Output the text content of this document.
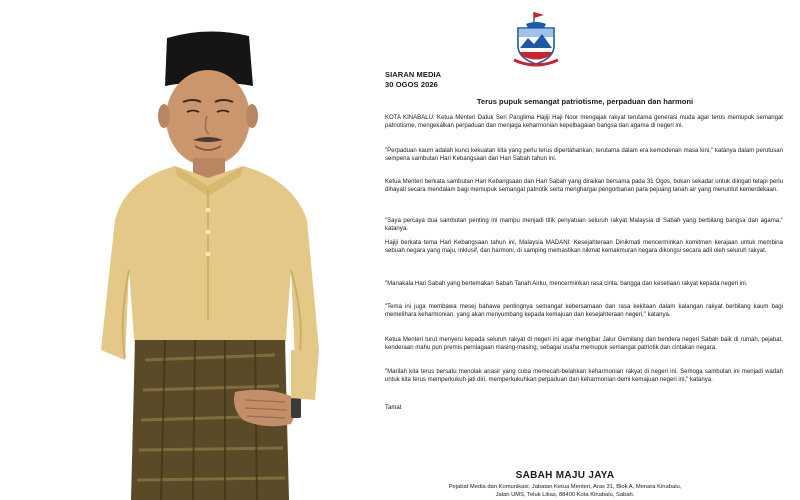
SIARAN MEDIA
30 OGOS 2026
Terus pupuk semangat patriotisme, perpaduan dan harmoni

KOTA KINABALU: Ketua Menteri Datuk Seri Panglima Hajiji Haji Noor mengajak rakyat terutama generasi muda agar terus memupuk semangat patriotisme, mengekalkan perpaduan dan menjaga keharmonian kepelbagaian bangsa dan agama di negeri ini.

"Perpaduan kaum adalah kunci kekuatan kita yang perlu terus dipertahankan, terutama dalam era kemodenan masa kini," katanya dalam perutusan sempena sambutan Hari Kebangsaan dan Hari Sabah tahun ini.

Ketua Menteri berkata sambutan Hari Kebangsaan dan Hari Sabah yang diraikan bersama pada 31 Ogos, bukan sekadar untuk diingati tetapi perlu dihayati secara mendalam bagi memupuk semangat patriotik serta menghargai pengorbanan para pejuang tanah air yang menuntut kemerdekaan.

"Saya percaya dua sambutan penting ini mampu menjadi titik penyatuan seluruh rakyat Malaysia di Sabah yang berbilang bangsa dan agama," katanya.

Hajiji berkata tema Hari Kebangsaan tahun ini, Malaysia MADANI: Kesejahteraan Dinikmati mencerminkan komitmen kerajaan untuk membina sebuah negara yang maju, inklusif, dan harmoni, di samping memastikan nikmat kemakmuran negara dikongsi secara adil oleh seluruh rakyat.

"Manakala Hari Sabah yang bertemakan Sabah Tanah Airku, mencerminkan rasa cinta, bangga dan kesetiaan rakyat kepada negeri ini.

"Tema ini juga membawa mesej bahawa pentingnya semangat kebersamaan dan rasa kekitaan dalam kalangan rakyat berbilang kaum bagi memelihara keharmonian, yang akan menyumbang kepada kemajuan dan kesejahteraan negeri," katanya.

Ketua Menteri turut menyeru kepada seluruh rakyat di negeri ini agar mengibar Jalur Gemilang dan bendera negeri Sabah baik di rumah, pejabat, kenderaan mahu pun premis perniagaan masing-masing, sebagai usaha memupuk semangat patriotik dan cintakan negara.

"Marilah kita terus bersatu menolak anasir yang cuba memecah-belahkan keharmonian rakyat di negeri ini. Semoga sambutan ini menjadi wadah untuk kita terus memperkukuh jati diri, memperkukuhkan perpaduan dan keharmonian demi kemajuan negeri ini," katanya.

Tamat

SABAH MAJU JAYA
Pejabat Media dan Komunikasi, Jabatan Ketua Menteri, Aras 31, Blok A, Menara Kinabalu,
Jalan UMS, Teluk Likas, 88400 Kota Kinabalu, Sabah.
